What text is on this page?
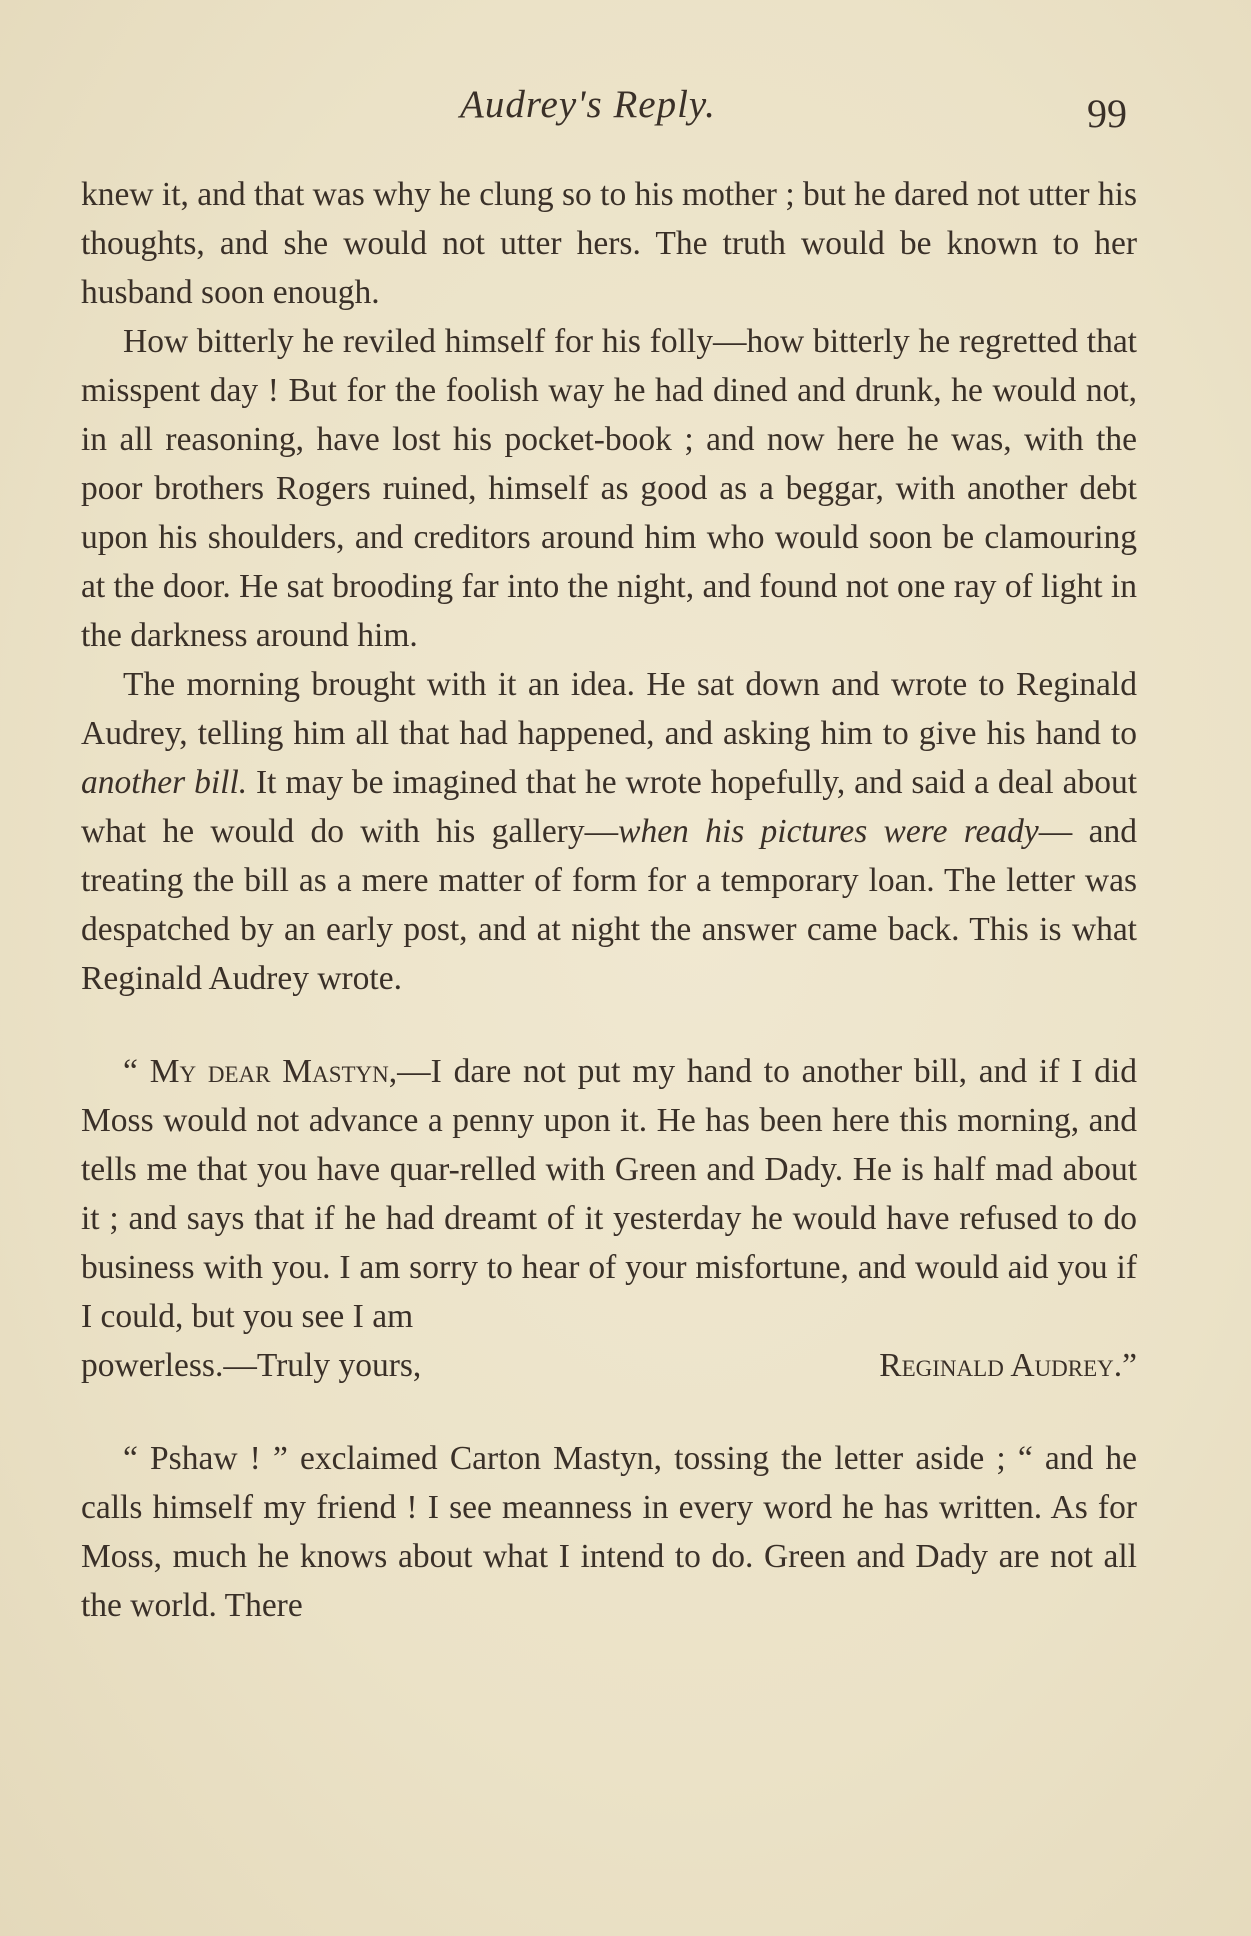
Audrey's Reply.	99

knew it, and that was why he clung so to his mother ; but he dared not utter his thoughts, and she would not utter hers. The truth would be known to her husband soon enough.

How bitterly he reviled himself for his folly—how bitterly he regretted that misspent day ! But for the foolish way he had dined and drunk, he would not, in all reasoning, have lost his pocket-book ; and now here he was, with the poor brothers Rogers ruined, himself as good as a beggar, with another debt upon his shoulders, and creditors around him who would soon be clamouring at the door. He sat brooding far into the night, and found not one ray of light in the darkness around him.

The morning brought with it an idea. He sat down and wrote to Reginald Audrey, telling him all that had happened, and asking him to give his hand to another bill. It may be imagined that he wrote hopefully, and said a deal about what he would do with his gallery—when his pictures were ready— and treating the bill as a mere matter of form for a temporary loan. The letter was despatched by an early post, and at night the answer came back. This is what Reginald Audrey wrote.

“ My dear Mastyn,—I dare not put my hand to another bill, and if I did Moss would not advance a penny upon it. He has been here this morning, and tells me that you have quar-relled with Green and Dady. He is half mad about it ; and says that if he had dreamt of it yesterday he would have refused to do business with you. I am sorry to hear of your misfortune, and would aid you if I could, but you see I am

powerless.—Truly yours,	Reginald Audrey.”

“ Pshaw ! ” exclaimed Carton Mastyn, tossing the letter aside ; “ and he calls himself my friend ! I see meanness in every word he has written. As for Moss, much he knows about what I intend to do. Green and Dady are not all the world. There
